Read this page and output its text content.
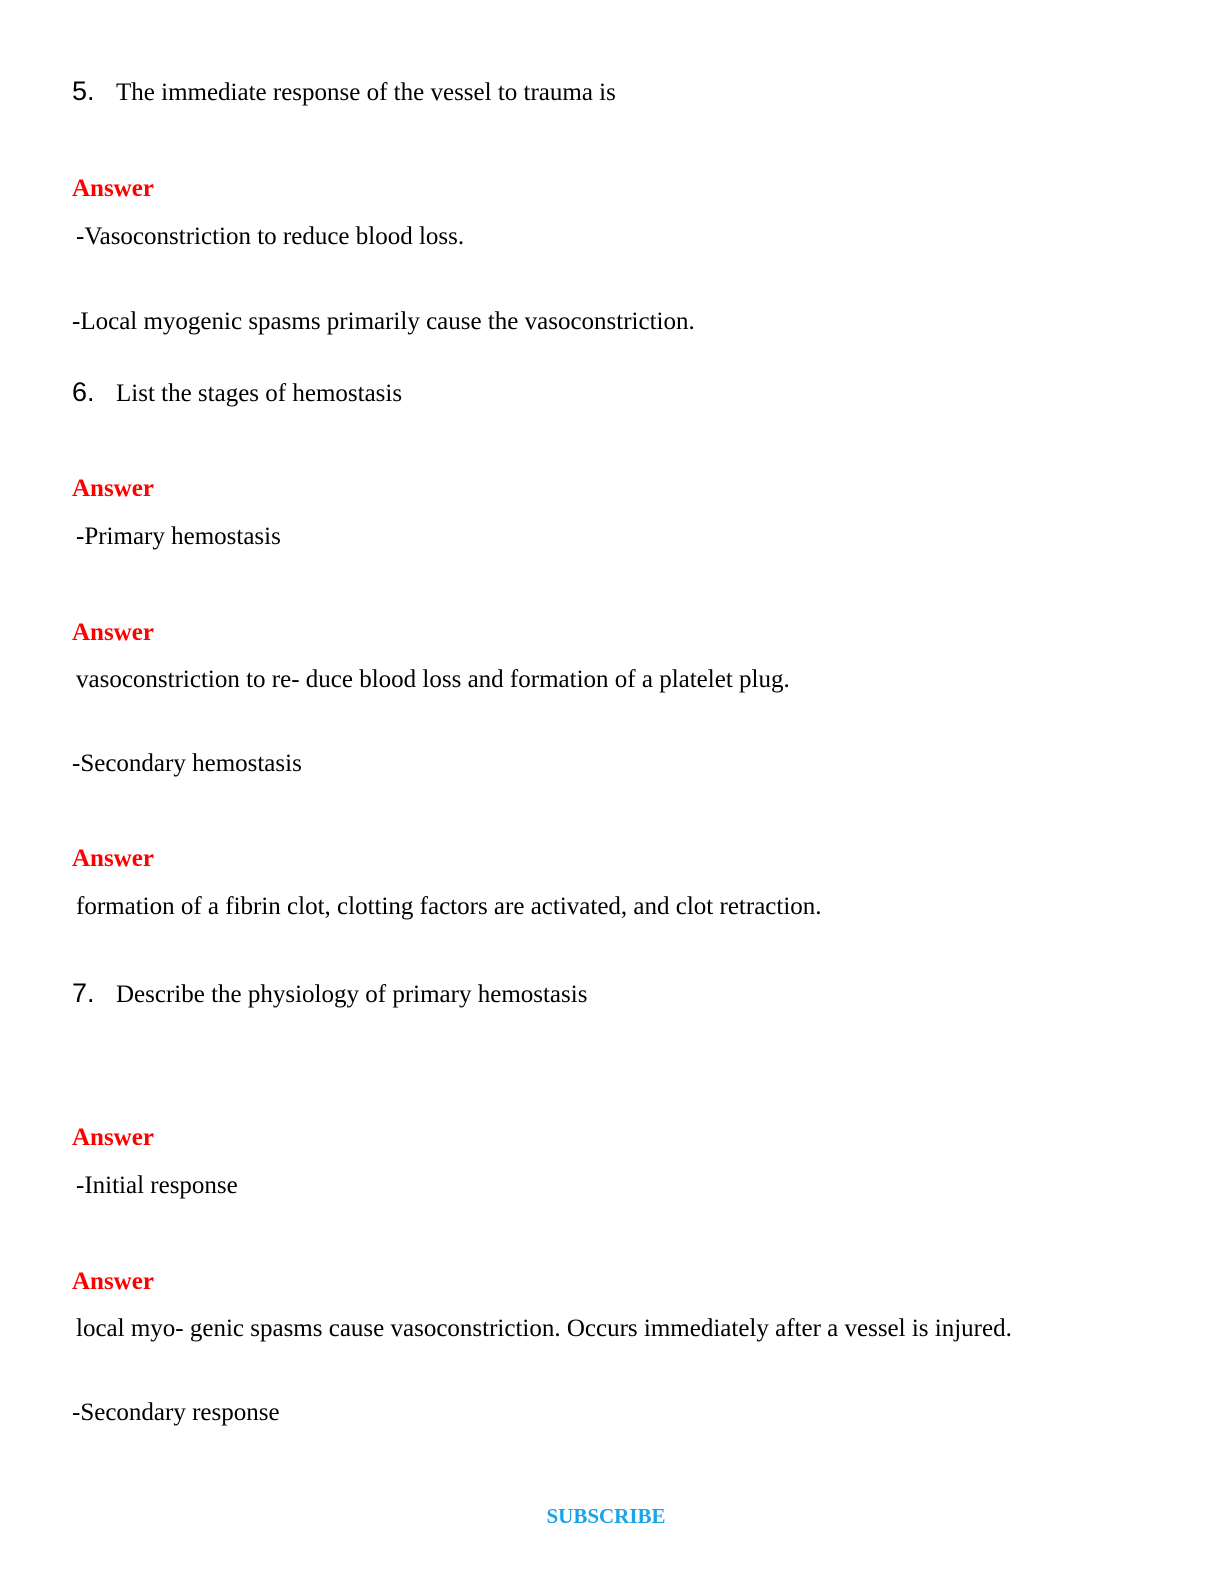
5. The immediate response of the vessel to trauma is
Answer
-Vasoconstriction to reduce blood loss.
-Local myogenic spasms primarily cause the vasoconstriction.
6. List the stages of hemostasis
Answer
-Primary hemostasis
Answer
vasoconstriction to re- duce blood loss and formation of a platelet plug.
-Secondary hemostasis
Answer
formation of a fibrin clot, clotting factors are activated, and clot retraction.
7. Describe the physiology of primary hemostasis
Answer
-Initial response
Answer
local myo- genic spasms cause vasoconstriction. Occurs immediately after a vessel is injured.
-Secondary response
SUBSCRIBE
